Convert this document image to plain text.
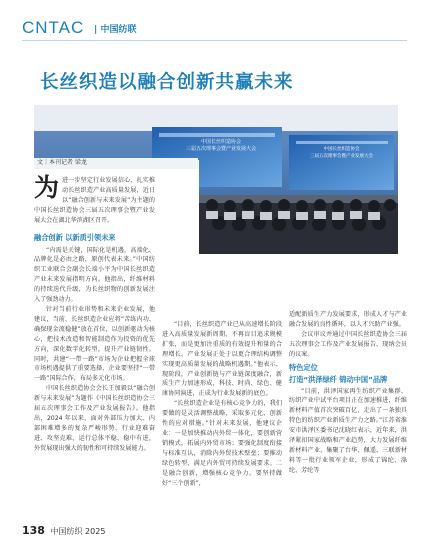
CNTAC | 中国纺联
长丝织造以融合创新共赢未来
中国长丝织造协会
三届五次理事会暨产业发展大会	中国长丝织造协会
三届五次理事会暨产业发展大会
文｜本刊记者 梁龙
为 进一步坚定行业发展信心，扎实推动长丝织造产业高质量发展，近日以“融合创新与未来发展”为主题的中国长丝织造协会三届五次理事会暨产业发展大会在湖北华滨湖区召开。

融合创新 以新质引领未来

“内需是关键，国际化是机遇，高端化、品牌化是必由之路，原创代表未来。”中国纺织工业联合会副会长端小平为中国长丝织造产业未来发展指明方向。他指出，纤维材料的持续迭代升级，为长丝织物的创新发展注入了强劲动力。

针对当前行业形势和未来企业发展，他建议，当前，长丝织造企业应将“苦练内功、确保现金流稳健”放在首位，以创新驱动为核心，把技术改造和智能制造作为投资的优先方向，深化数字化转型，提升产业链韧性。同时，共建“一带一路”市场为企业把握全球市场机遇提供了重要选择，企业要坚持“一带一路”国际合作，布局多元化市场。

中国长丝织造协会会长王加毅以“融合创新与未来发展”为题作《中国长丝织造协会三届五次理事会工作及产业发展报告》。他指出，2024 年以来，面对外部压力加大、内部困难增多的复杂严峻形势，行业迎难奋进、攻坚克难，运行总体平稳、稳中有进，外贸展现出强大的韧性和可持续发展能力。

“目前，长丝织造产业已从高速增长阶段进入高质量发展新周期，不再盲目追求规模扩张，而是更加注重质的有效提升和量的合理增长，产业发展正处于以更合理结构调整实现更高质量发展的战略机遇期。”他表示，现阶段，产业创新链与产业链深度融合，新质生产力加速形成，科技、时尚、绿色、健康协同演进，正成为行业发展新的底色。

“长丝织造企业是有核心竞争力的，我们要做的是灵活调整战略，采取多元化、创新性的应对措施。”针对未来发展，他建议企业：一是加快推动内外贸一体化，要创新营销模式，拓展内外贸市场；要强化制度衔接与标准互认，消除内外贸技术壁垒；要推动绿色转型，满足内外贸可持续发展要求。二是融合创新，增强核心竞争力。要坚持做好“三个创新”，

适配新质生产力发展要求，形成人才与产业融合发展的良性循环，以人才兴助产业强。

会议审议并通过中国长丝织造协会三届五次理事会工作及产业发展报告、现纳会员的议案。

特色定位
打造“洪泽绿纤 锦动中国”品牌

“目前，洪泽国家再生纺织产业集群、纺织产业中试平台项目正在加速推进，纤维新材料产值首次突破百亿，走出了一条独具特色的纺织产业新质生产力之路。”江苏省淮安市洪泽区委书记沈晓红表示，近年来，洪泽紧扣国家战略和产业趋势，大力发展纤维新材料产业，集聚了台华、佩遥、三联新材料等一批行业领军企业，形成了锦纶、涤纶、芳纶等

138 中国纺织 2025
